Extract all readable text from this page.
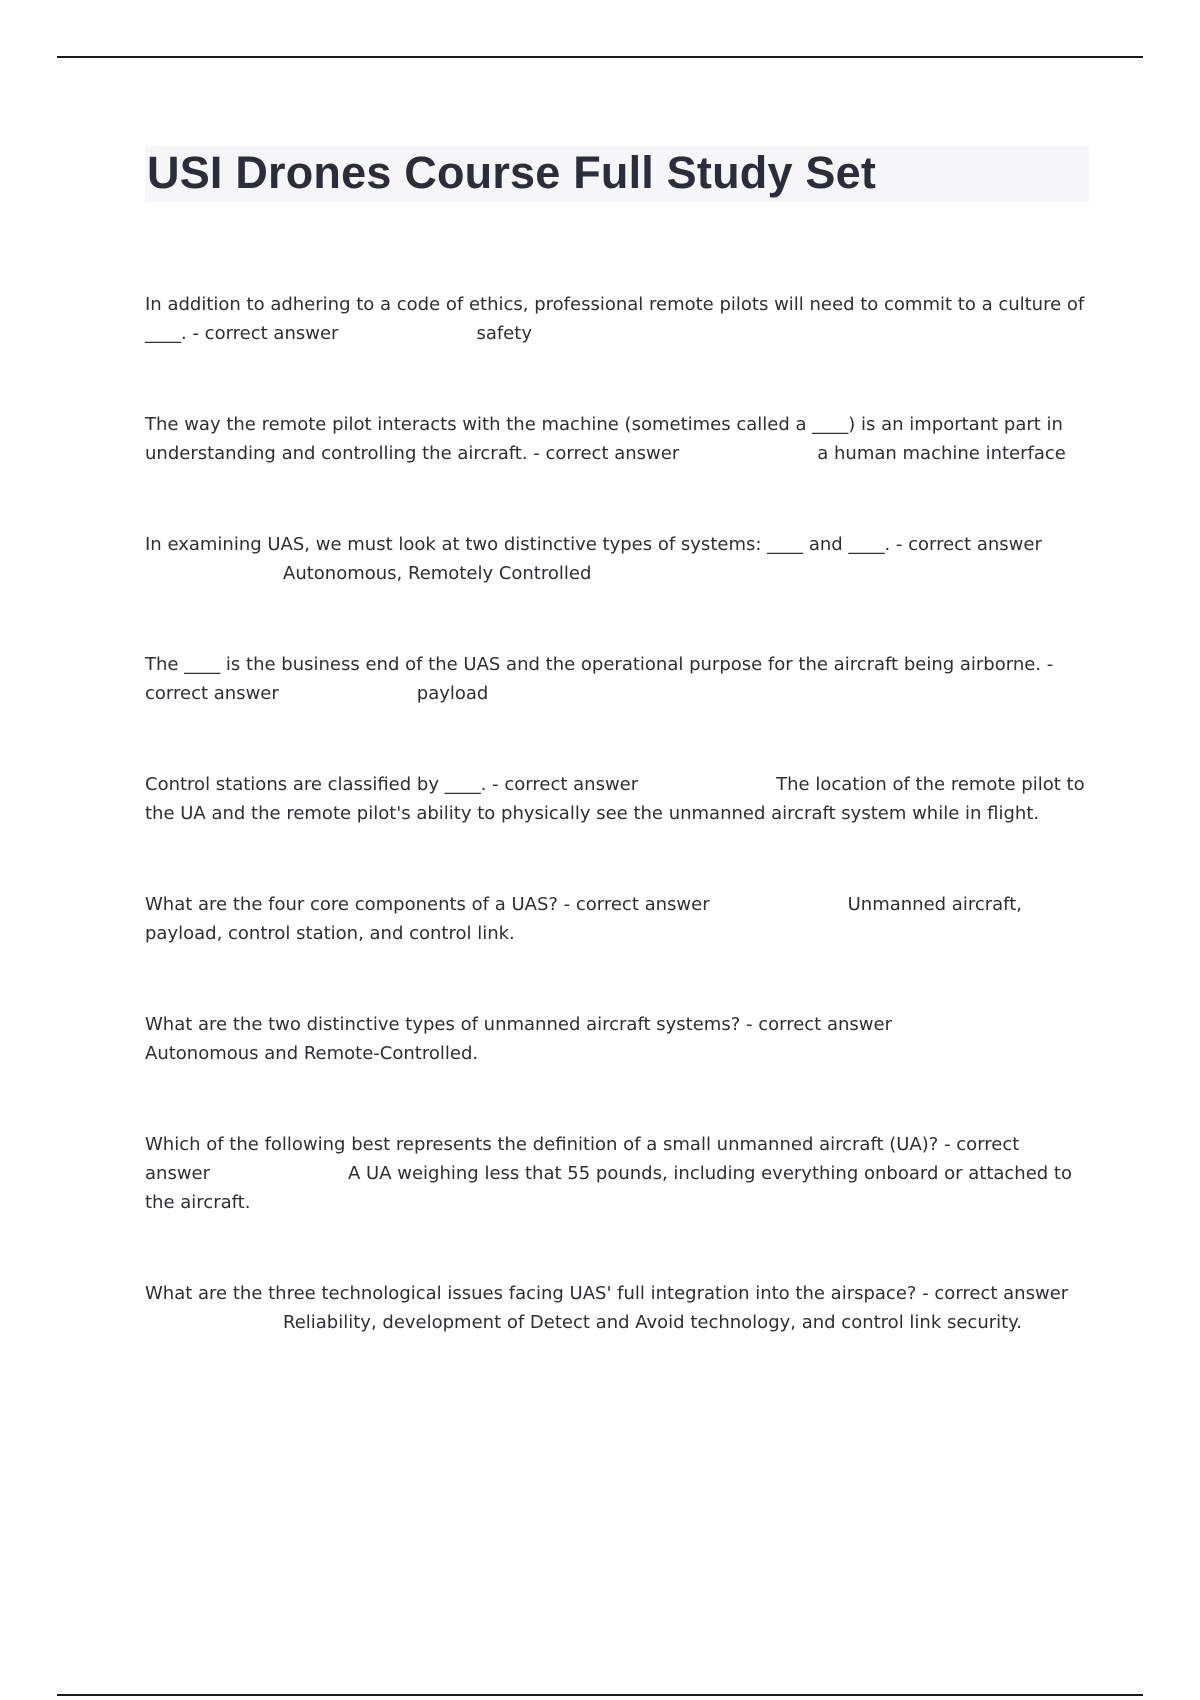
USI Drones Course Full Study Set

In addition to adhering to a code of ethics, professional remote pilots will need to commit to a culture of ____. - correct answer	safety

The way the remote pilot interacts with the machine (sometimes called a ____) is an important part in understanding and controlling the aircraft. - correct answer	a human machine interface

In examining UAS, we must look at two distinctive types of systems: ____ and ____. - correct answerAutonomous, Remotely Controlled

The ____ is the business end of the UAS and the operational purpose for the aircraft being airborne. - correct answer	payload

Control stations are classified by ____. - correct answer	The location of the remote pilot to the UA and the remote pilot's ability to physically see the unmanned aircraft system while in flight.

What are the four core components of a UAS? - correct answer	Unmanned aircraft, payload, control station, and control link.

What are the two distinctive types of unmanned aircraft systems? - correct answerAutonomous and Remote-Controlled.

Which of the following best represents the definition of a small unmanned aircraft (UA)? - correct answer	A UA weighing less that 55 pounds, including everything onboard or attached to the aircraft.

What are the three technological issues facing UAS' full integration into the airspace? - correct answerReliability, development of Detect and Avoid technology, and control link security.
